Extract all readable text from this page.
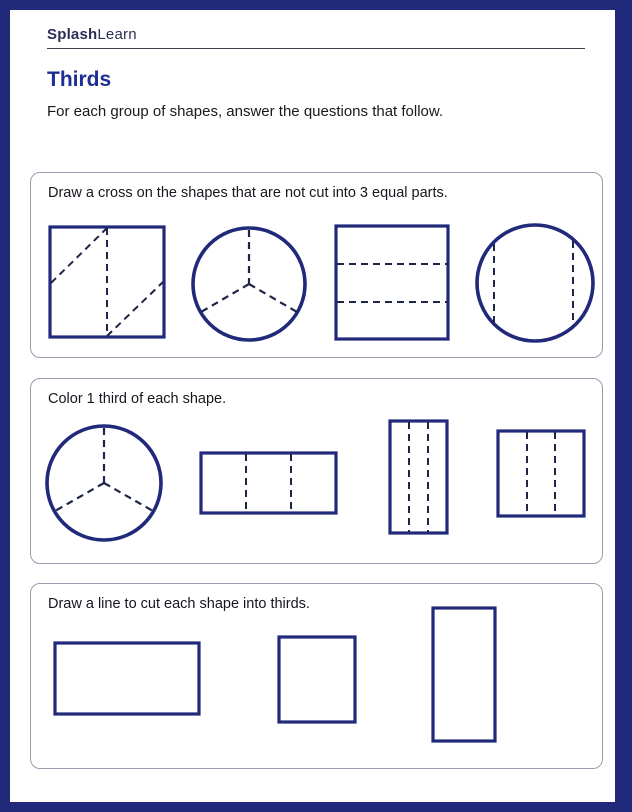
SplashLearn
Thirds
For each group of shapes, answer the questions that follow.
Draw a cross on the shapes that are not cut into 3 equal parts.
Color 1 third of each shape.
Draw a line to cut each shape into thirds.
